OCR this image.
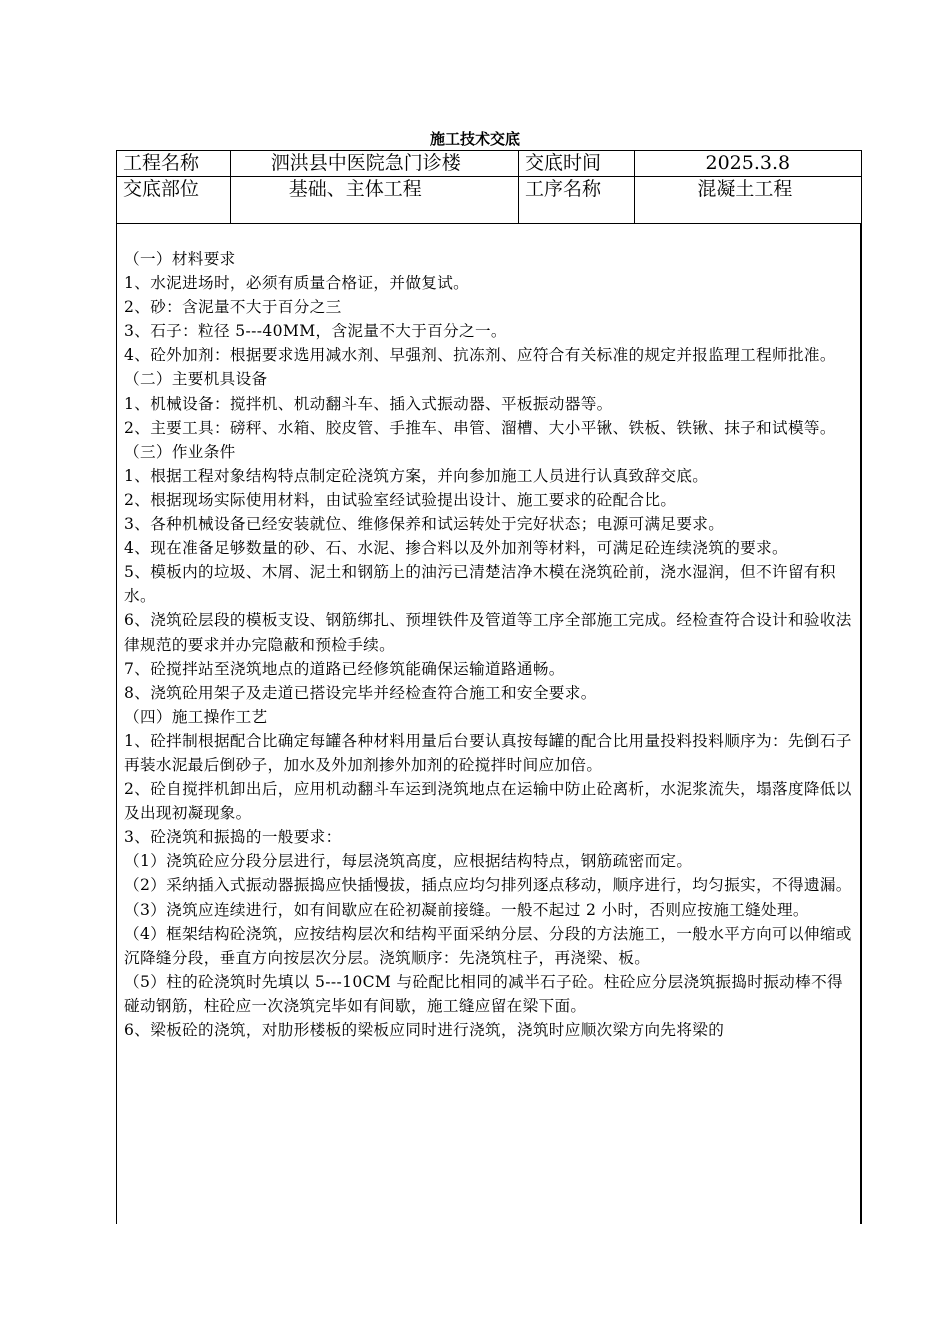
施工技术交底
工程名称	泗洪县中医院急门诊楼	交底时间	2025.3.8
交底部位	基础、主体工程	工序名称	混凝土工程

（一）材料要求

1、水泥进场时，必须有质量合格证，并做复试。

2、砂：含泥量不大于百分之三

3、石子：粒径 5---40MM，含泥量不大于百分之一。

4、砼外加剂：根据要求选用减水剂、早强剂、抗冻剂、应符合有关标准的规定并报监理工程师批准。

（二）主要机具设备

1、机械设备：搅拌机、机动翻斗车、插入式振动器、平板振动器等。

2、主要工具：磅秤、水箱、胶皮管、手推车、串管、溜槽、大小平锹、铁板、铁锹、抹子和试模等。

（三）作业条件

1、根据工程对象结构特点制定砼浇筑方案，并向参加施工人员进行认真致辞交底。

2、根据现场实际使用材料，由试验室经试验提出设计、施工要求的砼配合比。

3、各种机械设备已经安装就位、维修保养和试运转处于完好状态；电源可满足要求。

4、现在准备足够数量的砂、石、水泥、掺合料以及外加剂等材料，可满足砼连续浇筑的要求。

5、模板内的垃圾、木屑、泥土和钢筋上的油污已清楚洁净木模在浇筑砼前，浇水湿润，但不许留有积水。

6、浇筑砼层段的模板支设、钢筋绑扎、预埋铁件及管道等工序全部施工完成。经检查符合设计和验收法律规范的要求并办完隐蔽和预检手续。

7、砼搅拌站至浇筑地点的道路已经修筑能确保运输道路通畅。

8、浇筑砼用架子及走道已搭设完毕并经检查符合施工和安全要求。

（四）施工操作工艺

1、砼拌制根据配合比确定每罐各种材料用量后台要认真按每罐的配合比用量投料投料顺序为：先倒石子再装水泥最后倒砂子，加水及外加剂掺外加剂的砼搅拌时间应加倍。

2、砼自搅拌机卸出后，应用机动翻斗车运到浇筑地点在运输中防止砼离析，水泥浆流失，塌落度降低以及出现初凝现象。

3、砼浇筑和振捣的一般要求：

（1）浇筑砼应分段分层进行，每层浇筑高度，应根据结构特点，钢筋疏密而定。

（2）采纳插入式振动器振捣应快插慢拔，插点应均匀排列逐点移动，顺序进行，均匀振实，不得遗漏。

（3）浇筑应连续进行，如有间歇应在砼初凝前接缝。一般不起过 2 小时，否则应按施工缝处理。

（4）框架结构砼浇筑，应按结构层次和结构平面采纳分层、分段的方法施工，一般水平方向可以伸缩或沉降缝分段，垂直方向按层次分层。浇筑顺序：先浇筑柱子，再浇梁、板。

（5）柱的砼浇筑时先填以 5---10CM 与砼配比相同的减半石子砼。柱砼应分层浇筑振捣时振动棒不得碰动钢筋，柱砼应一次浇筑完毕如有间歇，施工缝应留在梁下面。

6、梁板砼的浇筑，对肋形楼板的梁板应同时进行浇筑，浇筑时应顺次梁方向先将梁的
